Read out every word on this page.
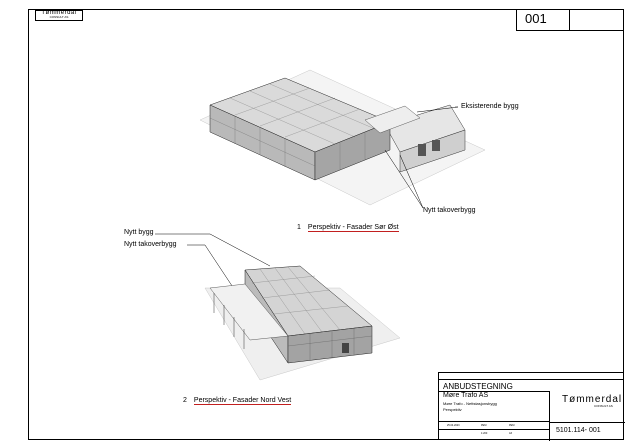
Tømmerdal
CONSULT AS	001
Eksisterende bygg
Nytt takoverbygg
1 Perspektiv - Fasader Sør Øst
Nytt bygg
Nytt takoverbygg
2 Perspektiv - Fasader Nord Vest
ANBUDSTEGNING
Møre Trafo AS
Møre Trafo - Nettstasjonsbygg
Perspektiv
25.04.2023	PEM	PEM
1:200	A3
Tømmerdal
CONSULT AS
5101.114- 001
